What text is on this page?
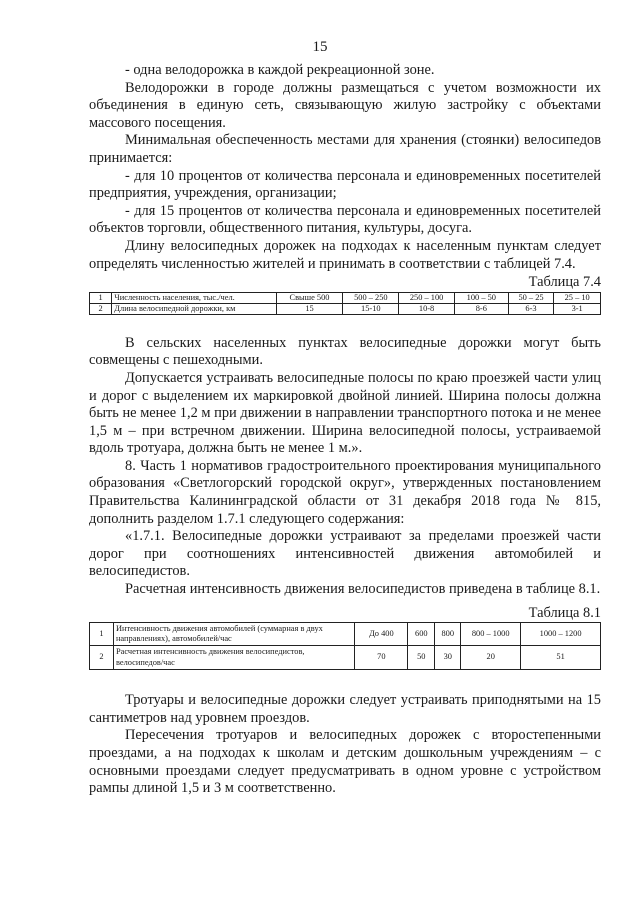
15

- одна велодорожка в каждой рекреационной зоне.

Велодорожки в городе должны размещаться с учетом возможности их объединения в единую сеть, связывающую жилую застройку с объектами массового посещения.

Минимальная обеспеченность местами для хранения (стоянки) велосипедов принимается:

- для 10 процентов от количества персонала и единовременных посетителей предприятия, учреждения, организации;

- для 15 процентов от количества персонала и единовременных посетителей объектов торговли, общественного питания, культуры, досуга.

Длину велосипедных дорожек на подходах к населенным пунктам следует определять численностью жителей и принимать в соответствии с таблицей 7.4.

Таблица 7.4
1	Численность населения, тыс./чел.	Свыше 500	500 – 250	250 – 100	100 – 50	50 – 25	25 – 10
2	Длина велосипедной дорожки, км	15	15-10	10-8	8-6	6-3	3-1

В сельских населенных пунктах велосипедные дорожки могут быть совмещены с пешеходными.

Допускается устраивать велосипедные полосы по краю проезжей части улиц и дорог с выделением их маркировкой двойной линией. Ширина полосы должна быть не менее 1,2 м при движении в направлении транспортного потока и не менее 1,5 м – при встречном движении. Ширина велосипедной полосы, устраиваемой вдоль тротуара, должна быть не менее 1 м.».

8. Часть 1 нормативов градостроительного проектирования муниципального образования «Светлогорский городской округ», утвержденных постановлением Правительства Калининградской области от 31 декабря 2018 года № 815, дополнить разделом 1.7.1 следующего содержания:

«1.7.1. Велосипедные дорожки устраивают за пределами проезжей части дорог при соотношениях интенсивностей движения автомобилей и велосипедистов.

Расчетная интенсивность движения велосипедистов приведена в таблице 8.1.

Таблица 8.1
1	Интенсивность движения автомобилей (суммарная в двух направлениях), автомобилей/час	До 400	600	800	800 – 1000	1000 – 1200
2	Расчетная интенсивность движения велосипедистов, велосипедов/час	70	50	30	20	51

Тротуары и велосипедные дорожки следует устраивать приподнятыми на 15 сантиметров над уровнем проездов.

Пересечения тротуаров и велосипедных дорожек с второстепенными проездами, а на подходах к школам и детским дошкольным учреждениям – с основными проездами следует предусматривать в одном уровне с устройством рампы длиной 1,5 и 3 м соответственно.
